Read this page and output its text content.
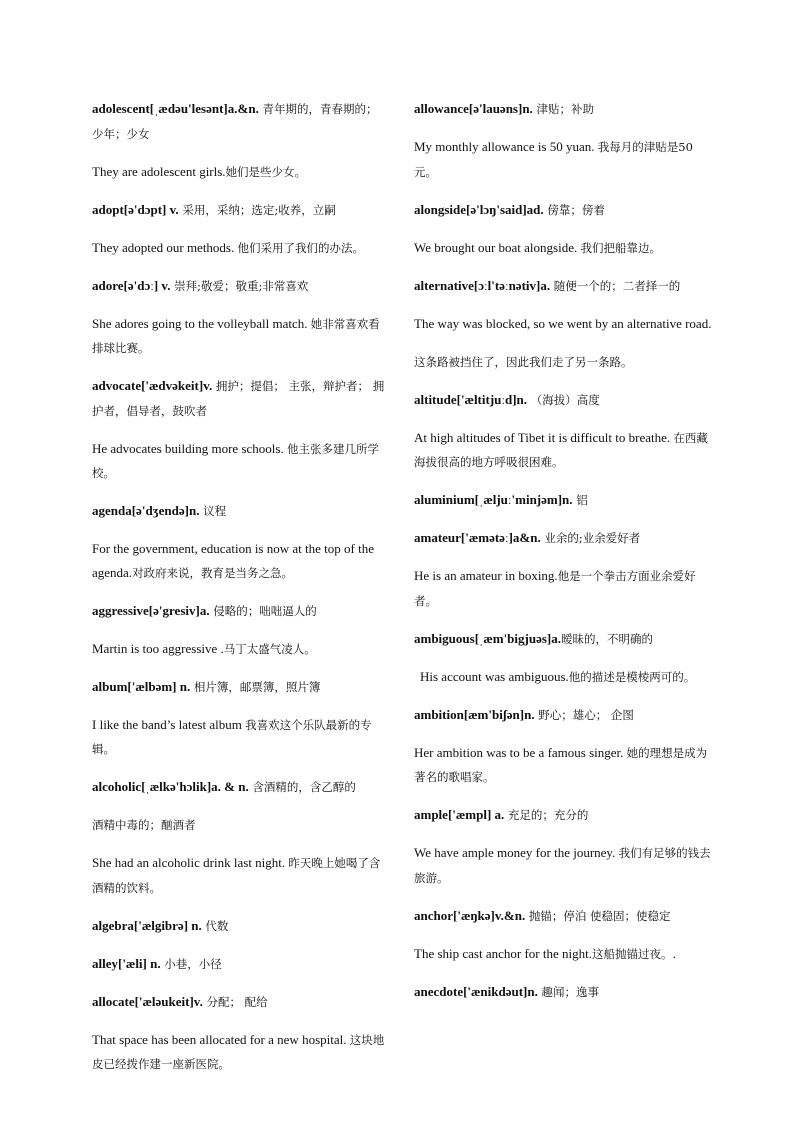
adolescent[ˌædəu'lesənt]a.&n. 青年期的，青春期的；少年；少女

They are adolescent girls.她们是些少女。

adopt[ə'dɔpt] v. 采用，采纳；选定;收养，立嗣

They adopted our methods. 他们采用了我们的办法。

adore[ə'dɔː] v. 崇拜;敬爱；敬重;非常喜欢

She adores going to the volleyball match. 她非常喜欢看排球比赛。

advocate['ædvəkeit]v. 拥护；提倡； 主张，辩护者； 拥护者，倡导者，鼓吹者

He advocates building more schools. 他主张多建几所学校。

agenda[ə'dʒendə]n. 议程

For the government, education is now at the top of the agenda.对政府来说，教育是当务之急。

aggressive[ə'gresiv]a. 侵略的；咄咄逼人的

Martin is too aggressive .马丁太盛气凌人。

album['ælbəm] n. 相片簿，邮票簿，照片簿

I like the band’s latest album 我喜欢这个乐队最新的专辑。

alcoholic[ˌælkə'hɔlik]a. & n. 含酒精的，含乙醇的

酒精中毒的；酗酒者

She had an alcoholic drink last night. 昨天晚上她喝了含酒精的饮料。

algebra['ælgibrə] n. 代数

alley['æli] n. 小巷，小径

allocate['æləukeit]v. 分配； 配给

That space has been allocated for a new hospital. 这块地皮已经拨作建一座新医院。

allowance[ə'lauəns]n. 津贴；补助

My monthly allowance is 50 yuan. 我每月的津贴是50元。

alongside[ə'lɔŋ'said]ad. 傍靠；傍着

We brought our boat alongside. 我们把船靠边。

alternative[ɔːl'təːnətiv]a. 随便一个的；二者择一的

The way was blocked, so we went by an alternative road.

这条路被挡住了，因此我们走了另一条路。

altitude['æltitjuːd]n. （海拔）高度

At high altitudes of Tibet it is difficult to breathe. 在西藏海拔很高的地方呼吸很困难。

aluminium[ˌæljuː'minjəm]n. 铝

amateur['æmətəː]a&n. 业余的;业余爱好者

He is an amateur in boxing.他是一个拳击方面业余爱好者。

ambiguous[ˌæm'bigjuəs]a.暧昧的，不明确的

His account was ambiguous.他的描述是模棱两可的。

ambition[æm'biʃən]n. 野心；雄心； 企图

Her ambition was to be a famous singer. 她的理想是成为著名的歌唱家。

ample['æmpl] a. 充足的；充分的

We have ample money for the journey. 我们有足够的钱去旅游。

anchor['æŋkə]v.&n. 抛锚；停泊 使稳固；使稳定

The ship cast anchor for the night.这船抛锚过夜。.

anecdote['ænikdəut]n. 趣闻；逸事
